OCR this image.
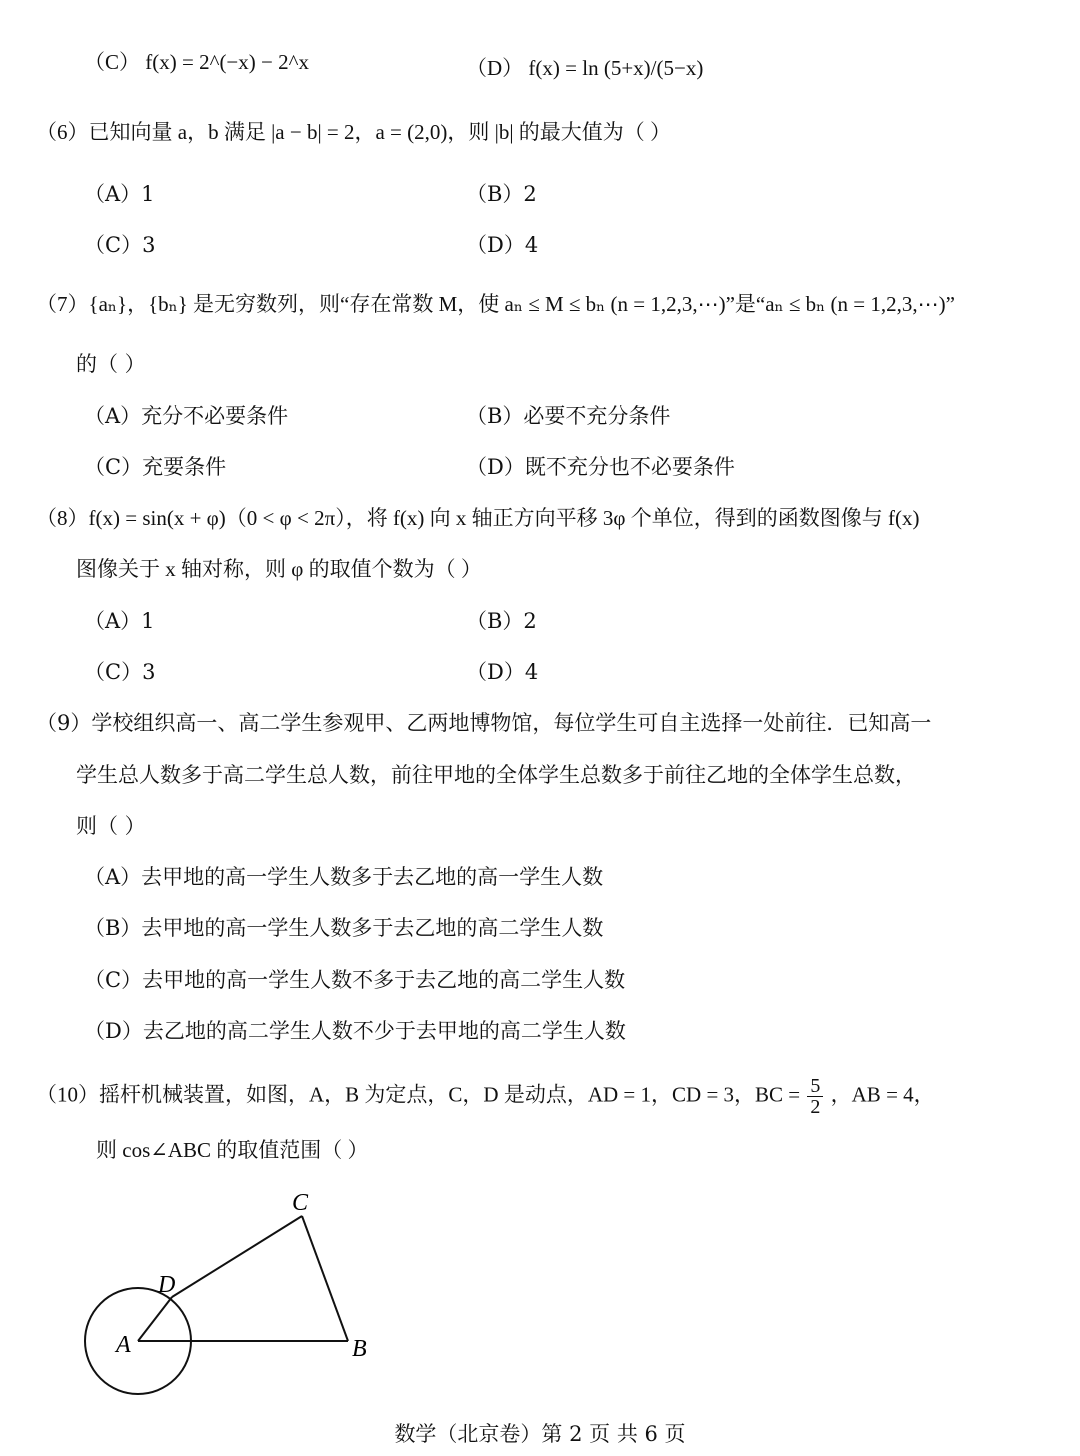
（C） f(x) = 2^(−x) − 2^x	（D） f(x) = ln (5+x)/(5−x)
（6）已知向量 a，b 满足 |a − b| = 2，a = (2,0)，则 |b| 的最大值为（ ）
（A）1	（B）2
（C）3	（D）4
（7）{aₙ}，{bₙ} 是无穷数列，则“存在常数 M，使 aₙ ≤ M ≤ bₙ (n = 1,2,3,⋯)”是“aₙ ≤ bₙ (n = 1,2,3,⋯)”
的（ ）
（A）充分不必要条件	（B）必要不充分条件
（C）充要条件	（D）既不充分也不必要条件
（8）f(x) = sin(x + φ)（0 < φ < 2π），将 f(x) 向 x 轴正方向平移 3φ 个单位，得到的函数图像与 f(x)
图像关于 x 轴对称，则 φ 的取值个数为（ ）
（A）1	（B）2
（C）3	（D）4
（9）学校组织高一、高二学生参观甲、乙两地博物馆，每位学生可自主选择一处前往．已知高一
学生总人数多于高二学生总人数，前往甲地的全体学生总数多于前往乙地的全体学生总数，
则（ ）
（A）去甲地的高一学生人数多于去乙地的高一学生人数
（B）去甲地的高一学生人数多于去乙地的高二学生人数
（C）去甲地的高一学生人数不多于去乙地的高二学生人数
（D）去乙地的高二学生人数不少于去甲地的高二学生人数
（10）摇杆机械装置，如图，A，B 为定点，C，D 是动点，AD = 1，CD = 3，BC = $\frac{5}{2}$ ，AB = 4，
则 cos∠ABC 的取值范围（ ）
A	B
C
D
数学（北京卷）第 2 页 共 6 页
